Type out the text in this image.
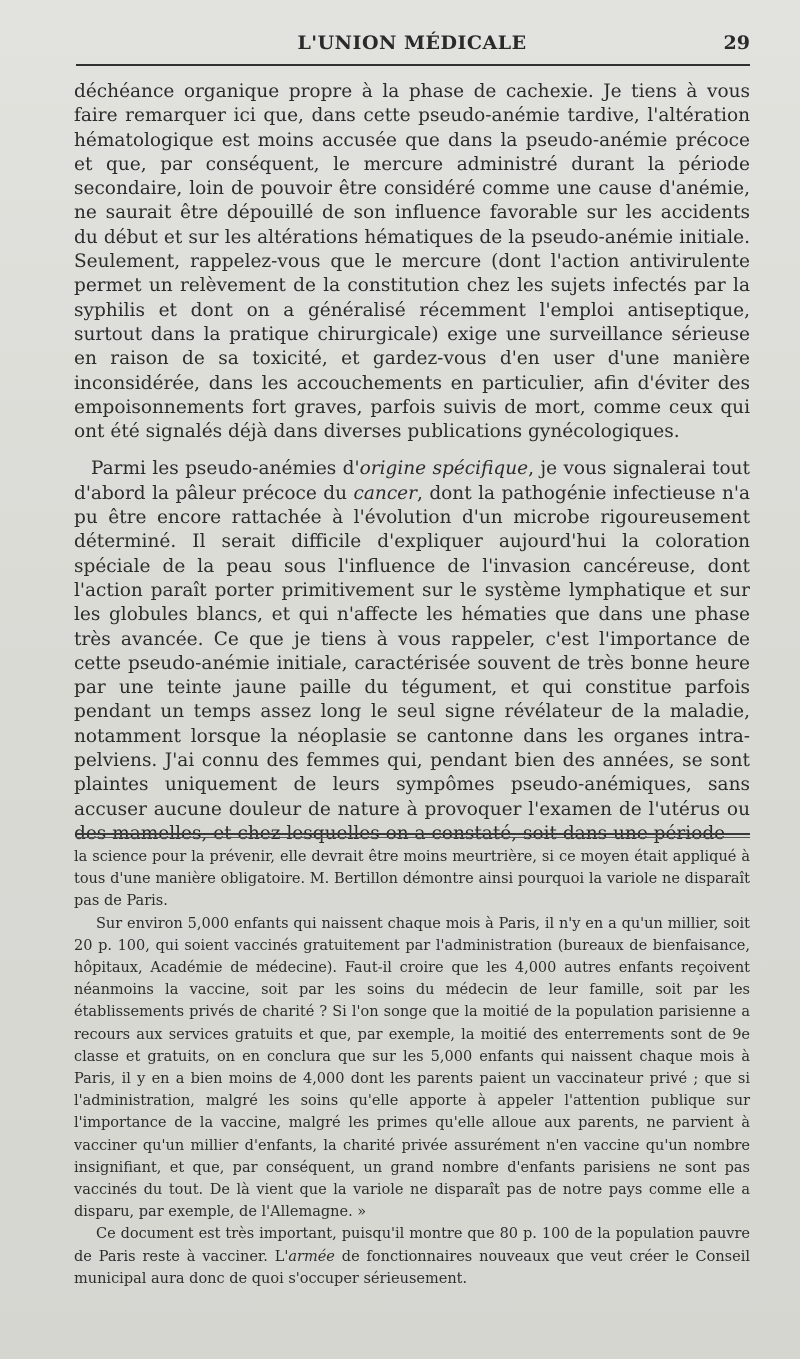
L'UNION MÉDICALE	29

déchéance organique propre à la phase de cachexie. Je tiens à vous faire remarquer ici que, dans cette pseudo-anémie tardive, l'altération hématologique est moins accusée que dans la pseudo-anémie précoce et que, par conséquent, le mercure administré durant la période secondaire, loin de pouvoir être considéré comme une cause d'anémie, ne saurait être dépouillé de son influence favorable sur les accidents du début et sur les altérations hématiques de la pseudo-anémie initiale. Seulement, rappelez-vous que le mercure (dont l'action antivirulente permet un relèvement de la constitution chez les sujets infectés par la syphilis et dont on a généralisé récemment l'emploi antiseptique, surtout dans la pratique chirurgicale) exige une surveillance sérieuse en raison de sa toxicité, et gardez-vous d'en user d'une manière inconsidérée, dans les accouchements en particulier, afin d'éviter des empoisonnements fort graves, parfois suivis de mort, comme ceux qui ont été signalés déjà dans diverses publications gynécologiques.

Parmi les pseudo-anémies d'origine spécifique, je vous signalerai tout d'abord la pâleur précoce du cancer, dont la pathogénie infectieuse n'a pu être encore rattachée à l'évolution d'un microbe rigoureusement déterminé. Il serait difficile d'expliquer aujourd'hui la coloration spéciale de la peau sous l'influence de l'invasion cancéreuse, dont l'action paraît porter primitivement sur le système lymphatique et sur les globules blancs, et qui n'affecte les hématies que dans une phase très avancée. Ce que je tiens à vous rappeler, c'est l'importance de cette pseudo-anémie initiale, caractérisée souvent de très bonne heure par une teinte jaune paille du tégument, et qui constitue parfois pendant un temps assez long le seul signe révélateur de la maladie, notamment lorsque la néoplasie se cantonne dans les organes intra-pelviens. J'ai connu des femmes qui, pendant bien des années, se sont plaintes uniquement de leurs sympômes pseudo-anémiques, sans accuser aucune douleur de nature à provoquer l'examen de l'utérus ou des mamelles, et chez lesquelles on a constaté, soit dans une période

la science pour la prévenir, elle devrait être moins meurtrière, si ce moyen était appliqué à tous d'une manière obligatoire. M. Bertillon démontre ainsi pourquoi la variole ne disparaît pas de Paris.

Sur environ 5,000 enfants qui naissent chaque mois à Paris, il n'y en a qu'un millier, soit 20 p. 100, qui soient vaccinés gratuitement par l'administration (bureaux de bienfaisance, hôpitaux, Académie de médecine). Faut-il croire que les 4,000 autres enfants reçoivent néanmoins la vaccine, soit par les soins du médecin de leur famille, soit par les établissements privés de charité ? Si l'on songe que la moitié de la population parisienne a recours aux services gratuits et que, par exemple, la moitié des enterrements sont de 9e classe et gratuits, on en conclura que sur les 5,000 enfants qui naissent chaque mois à Paris, il y en a bien moins de 4,000 dont les parents paient un vaccinateur privé ; que si l'administration, malgré les soins qu'elle apporte à appeler l'attention publique sur l'importance de la vaccine, malgré les primes qu'elle alloue aux parents, ne parvient à vacciner qu'un millier d'enfants, la charité privée assurément n'en vaccine qu'un nombre insignifiant, et que, par conséquent, un grand nombre d'enfants parisiens ne sont pas vaccinés du tout. De là vient que la variole ne disparaît pas de notre pays comme elle a disparu, par exemple, de l'Allemagne. »

Ce document est très important, puisqu'il montre que 80 p. 100 de la population pauvre de Paris reste à vacciner. L'armée de fonctionnaires nouveaux que veut créer le Conseil municipal aura donc de quoi s'occuper sérieusement.
